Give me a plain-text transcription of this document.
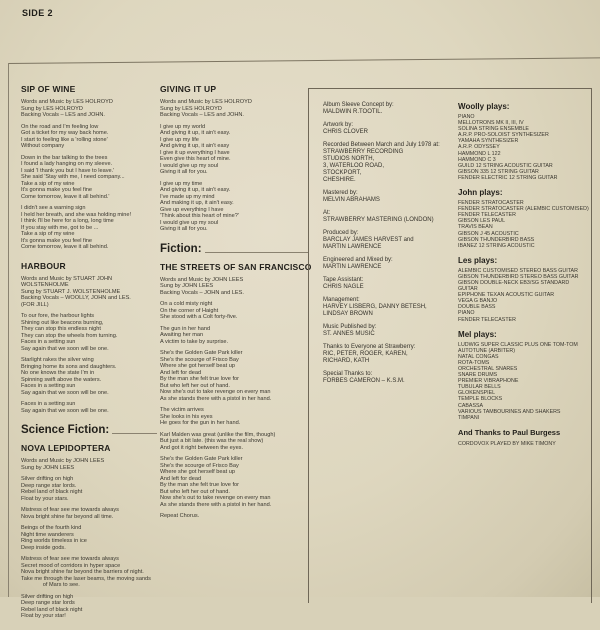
SIDE 2
SIP OF WINE
Words and Music by LES HOLROYD
Sung by LES HOLROYD
Backing Vocals – LES and JOHN.
On the road and I'm feeling low
Got a ticket for my way back home.
I start to feeling like a 'rolling stone'
Without company
Down in the bar talking to the trees
I found a lady hanging on my sleeve.
I said 'I thank you but I have to leave.'
She said 'Stay with me, I need company...
Take a sip of my wine
It's gonna make you feel fine
Come tomorrow, leave it all behind.'
I didn't see a warning sign
I held her breath, and she was holding mine!
I think I'll be here for a long, long time
If you stay with me, got to be ...
Take a sip of my wine
It's gonna make you feel fine
Come tomorrow, leave it all behind.
HARBOUR
Words and Music by STUART JOHN WOLSTENHOLME
Sung by STUART J. WOLSTENHOLME
Backing Vocals – WOOLLY, JOHN and LES.
(FOR JILL)
To our fore, the harbour lights
Shining out like beacons burning,
They can stop this endless night
They can stop the wheels from turning.
Faces in a setting sun
Say again that we soon will be one.
Starlight rakes the silver wing
Bringing home its sons and daughters.
No one knows the state I'm in
Spinning swift above the waters.
Faces in a setting sun
Say again that we soon will be one.
Faces in a setting sun
Say again that we soon will be one.
Science Fiction:
NOVA LEPIDOPTERA
Words and Music by JOHN LEES
Sung by JOHN LEES
Silver drifting on high
Deep range star lords.
Rebel land of black night
Float by your stars.
Mistress of fear see me towards always
Nova bright shine far beyond all time.
Beings of the fourth kind
Night time wanderers
Ring worlds timeless in ice
Deep inside gods.
Mistress of fear see me towards always
Secret mood of corridors in hyper space
Nova bright shine far beyond the barriers of night.
Take me through the laser beams, the moving sands
of Mars to see.
Silver drifting on high
Deep range star lords
Rebel land of black night
Float by your star!
GIVING IT UP
Words and Music by LES HOLROYD
Sung by LES HOLROYD
Backing Vocals – LES and JOHN.
I give up my world
And giving it up, it ain't easy.
I give up my life
And giving it up, it ain't easy
I give it up everything I have
Even give this heart of mine.
I would give up my soul
Giving it all for you.
I give up my time
And giving it up, it ain't easy.
I've made up my mind
And making it up, it ain't easy.
Give up everything I have
'Think about this heart of mine?'
I would give up my soul
Giving it all for you.
Fiction:
THE STREETS OF SAN FRANCISCO
Words and Music by JOHN LEES
Sung by JOHN LEES
Backing Vocals – JOHN and LES.
On a cold misty night
On the corner of Haight
She stood with a Colt forty-five.
The gun in her hand
Awaiting her man
A victim to take by surprise.
She's the Golden Gate Park killer
She's the scourge of Frisco Bay
Where she got herself beat up
And left for dead
By the man she felt true love for
But who left her out of hand.
Now she's out to take revenge on every man
As she stands there with a pistol in her hand.
The victim arrives
She looks in his eyes
He goes for the gun in her hand.
Karl Malden was great (unlike the film, though)
But just a bit late. (this was the real show)
And got it right between the eyes.
She's the Golden Gate Park killer
She's the scourge of Frisco Bay
Where she got herself beat up
And left for dead
By the man she felt true love for
But who left her out of hand.
Now she's out to take revenge on every man
As she stands there with a pistol in her hand.
Repeat Chorus.
Album Sleeve Concept by:
MALDWIN R.TOOTIL.
Artwork by:
CHRIS CLOVER
Recorded Between March and July 1978 at:
STRAWBERRY RECORDING
STUDIOS NORTH,
3, WATERLOO ROAD,
STOCKPORT,
CHESHIRE.
Mastered by:
MELVIN ABRAHAMS
At:
STRAWBERRY MASTERING (LONDON)
Produced by:
BARCLAY JAMES HARVEST and
MARTIN LAWRENCE
Engineered and Mixed by:
MARTIN LAWRENCE
Tape Assistant:
CHRIS NAGLE
Management:
HARVEY LISBERG, DANNY BETESH,
LINDSAY BROWN
Music Published by:
ST. ANNES MUSIC
Thanks to Everyone at Strawberry:
RIC, PETER, ROGER, KAREN,
RICHARD, KATH
Special Thanks to:
FORBES CAMERON – K.S.M.
Woolly plays:
PIANO
MELLOTRONS MK II, III, IV
SOLINA STRING ENSEMBLE
A.R.P. PRO-SOLOIST SYNTHESIZER
YAMAHA SYNTHESIZER
A.R.P. ODYSSEY
HAMMOND L 122
HAMMOND C 3
GUILD 12 STRING ACOUSTIC GUITAR
GIBSON 335 12 STRING GUITAR
FENDER ELECTRIC 12 STRING GUITAR
John plays:
FENDER STRATOCASTER
FENDER STRATOCASTER (ALEMBIC CUSTOMISED)
FENDER TELECASTER
GIBSON LES PAUL
TRAVIS BEAN
GIBSON J 45 ACOUSTIC
GIBSON THUNDERBIRD BASS
IBANEZ 12 STRING ACOUSTIC
Les plays:
ALEMBIC CUSTOMISED STEREO BASS GUITAR
GIBSON THUNDERBIRD STEREO BASS GUITAR
GIBSON DOUBLE-NECK EB3/SG STANDARD GUITAR
EPIPHONE TEXAN ACOUSTIC GUITAR
VEGA G BANJO
DOUBLE BASS
PIANO
FENDER TELECASTER
Mel plays:
LUDWIG SUPER CLASSIC PLUS ONE TOM-TOM
AUTOTUNE (ARBITER)
NATAL CONGAS
ROTA-TOMS
ORCHESTRAL SNARES
SNARE DRUMS
PREMIER VIBRAPHONE
TUBULAR BELLS
GLOKENSPIEL
TEMPLE BLOCKS
CABASSA
VARIOUS TAMBOURINES AND SHAKERS
TIMPANI
And Thanks to Paul Burgess
CORDOVOX PLAYED BY MIKE TIMONY
